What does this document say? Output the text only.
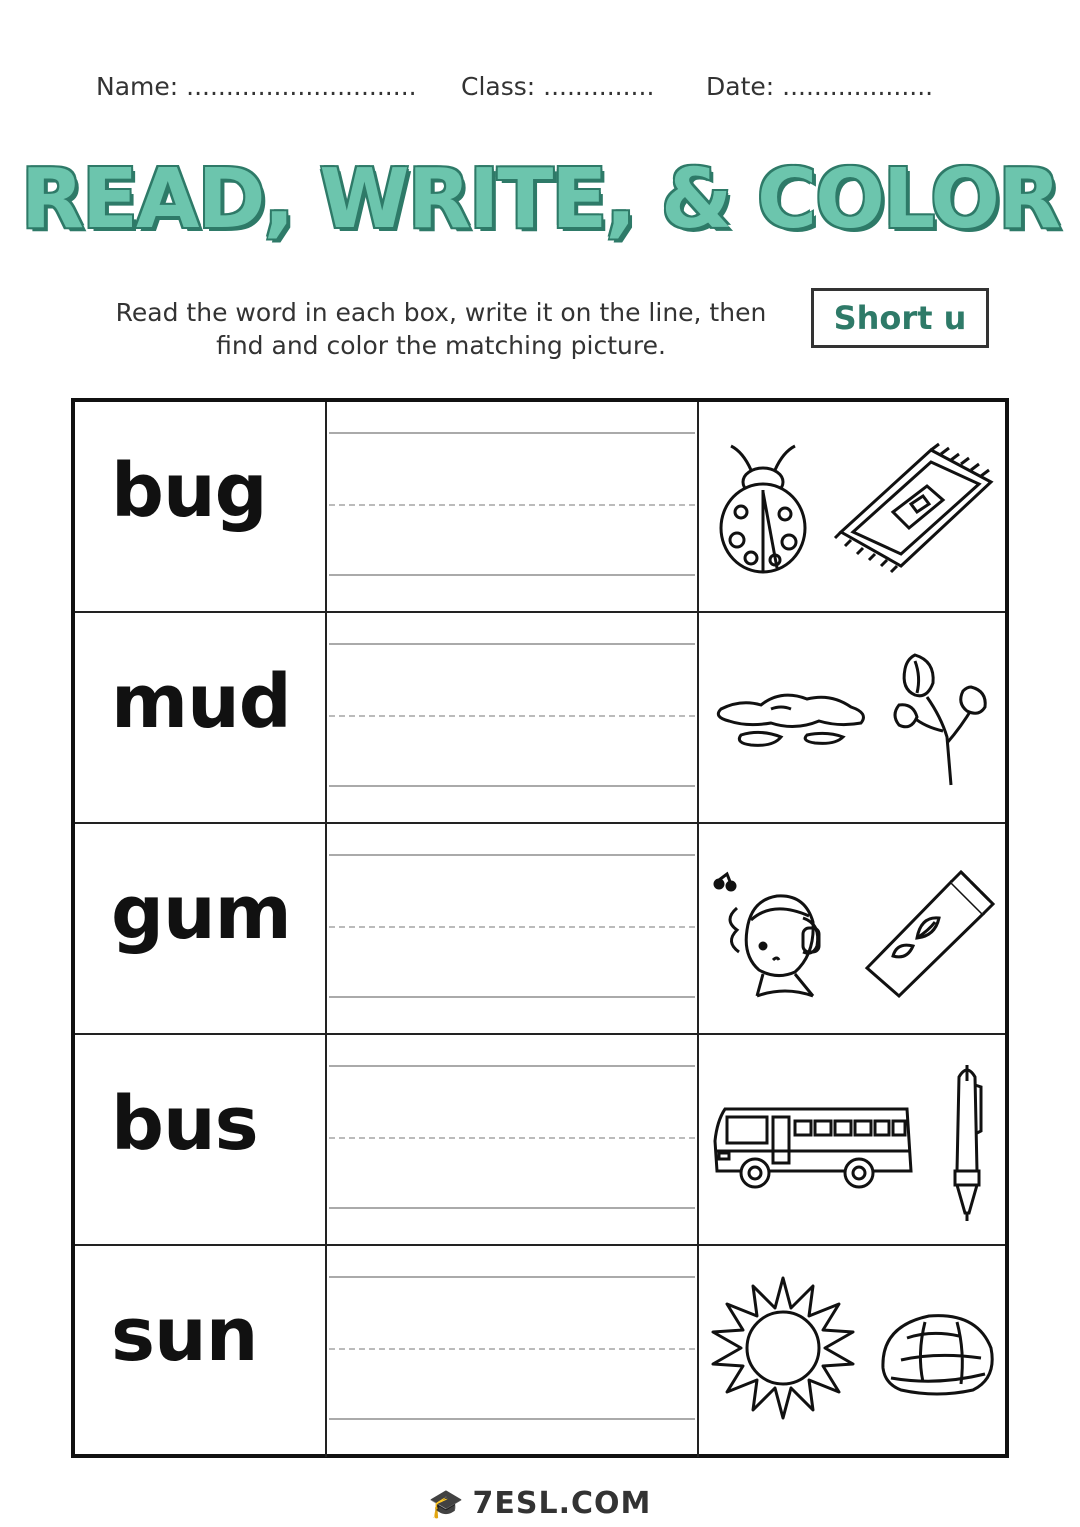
Name: ............................. Class: .............. Date: ...................
READ, WRITE, & COLOR
Read the word in each box, write it on the line, then
find and color the matching picture.
Short u
bug
mud
gum
bus
sun
🎓 7ESL.COM
